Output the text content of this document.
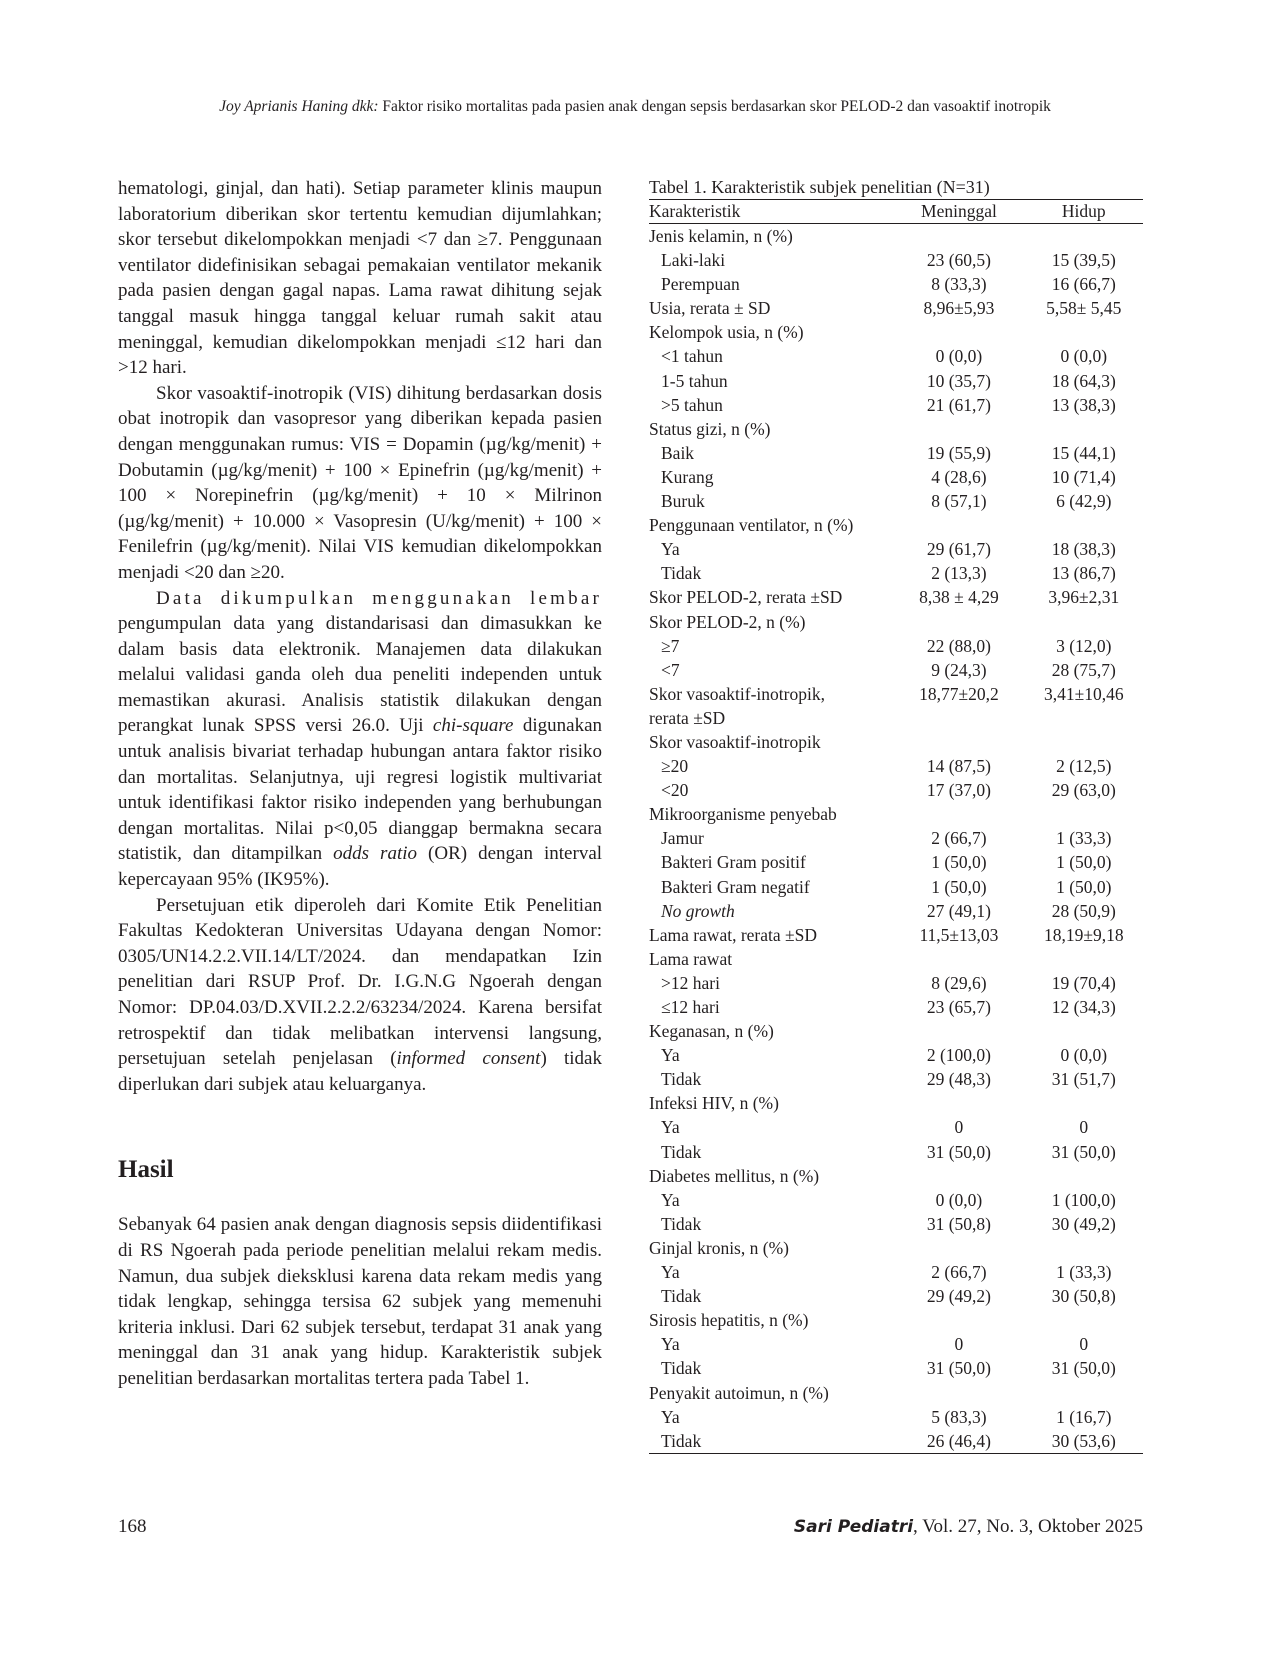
Joy Aprianis Haning dkk: Faktor risiko mortalitas pada pasien anak dengan sepsis berdasarkan skor PELOD-2 dan vasoaktif inotropik

hematologi, ginjal, dan hati). Setiap parameter klinis maupun laboratorium diberikan skor tertentu kemudian dijumlahkan; skor tersebut dikelompokkan menjadi <7 dan ≥7. Penggunaan ventilator didefinisikan sebagai pemakaian ventilator mekanik pada pasien dengan gagal napas. Lama rawat dihitung sejak tanggal masuk hingga tanggal keluar rumah sakit atau meninggal, kemudian dikelompokkan menjadi ≤12 hari dan >12 hari.

Skor vasoaktif-inotropik (VIS) dihitung berdasarkan dosis obat inotropik dan vasopresor yang diberikan kepada pasien dengan menggunakan rumus: VIS = Dopamin (µg/kg/menit) + Dobutamin (µg/kg/menit) + 100 × Epinefrin (µg/kg/menit) + 100 × Norepinefrin (µg/kg/menit) + 10 × Milrinon (µg/kg/menit) + 10.000 × Vasopresin (U/kg/menit) + 100 × Fenilefrin (µg/kg/menit). Nilai VIS kemudian dikelompokkan menjadi <20 dan ≥20.

Data dikumpulkan menggunakan lembar pengumpulan data yang distandarisasi dan dimasukkan ke dalam basis data elektronik. Manajemen data dilakukan melalui validasi ganda oleh dua peneliti independen untuk memastikan akurasi. Analisis statistik dilakukan dengan perangkat lunak SPSS versi 26.0. Uji chi-square digunakan untuk analisis bivariat terhadap hubungan antara faktor risiko dan mortalitas. Selanjutnya, uji regresi logistik multivariat untuk identifikasi faktor risiko independen yang berhubungan dengan mortalitas. Nilai p<0,05 dianggap bermakna secara statistik, dan ditampilkan odds ratio (OR) dengan interval kepercayaan 95% (IK95%).

Persetujuan etik diperoleh dari Komite Etik Penelitian Fakultas Kedokteran Universitas Udayana dengan Nomor: 0305/UN14.2.2.VII.14/LT/2024. dan mendapatkan Izin penelitian dari RSUP Prof. Dr. I.G.N.G Ngoerah dengan Nomor: DP.04.03/D.XVII.2.2.2/63234/2024. Karena bersifat retrospektif dan tidak melibatkan intervensi langsung, persetujuan setelah penjelasan (informed consent) tidak diperlukan dari subjek atau keluarganya.

Hasil

Sebanyak 64 pasien anak dengan diagnosis sepsis diidentifikasi di RS Ngoerah pada periode penelitian melalui rekam medis. Namun, dua subjek dieksklusi karena data rekam medis yang tidak lengkap, sehingga tersisa 62 subjek yang memenuhi kriteria inklusi. Dari 62 subjek tersebut, terdapat 31 anak yang meninggal dan 31 anak yang hidup. Karakteristik subjek penelitian berdasarkan mortalitas tertera pada Tabel 1.

Tabel 1. Karakteristik subjek penelitian (N=31)
Karakteristik	Meninggal	Hidup
Jenis kelamin, n (%)		
Laki-laki	23 (60,5)	15 (39,5)
Perempuan	8 (33,3)	16 (66,7)
Usia, rerata ± SD	8,96±5,93	5,58± 5,45
Kelompok usia, n (%)		
<1 tahun	0 (0,0)	0 (0,0)
1-5 tahun	10 (35,7)	18 (64,3)
>5 tahun	21 (61,7)	13 (38,3)
Status gizi, n (%)		
Baik	19 (55,9)	15 (44,1)
Kurang	4 (28,6)	10 (71,4)
Buruk	8 (57,1)	6 (42,9)
Penggunaan ventilator, n (%)		
Ya	29 (61,7)	18 (38,3)
Tidak	2 (13,3)	13 (86,7)
Skor PELOD-2, rerata ±SD	8,38 ± 4,29	3,96±2,31
Skor PELOD-2, n (%)		
≥7	22 (88,0)	3 (12,0)
<7	9 (24,3)	28 (75,7)
Skor vasoaktif-inotropik,	18,77±20,2	3,41±10,46
rerata ±SD		
Skor vasoaktif-inotropik		
≥20	14 (87,5)	2 (12,5)
<20	17 (37,0)	29 (63,0)
Mikroorganisme penyebab		
Jamur	2 (66,7)	1 (33,3)
Bakteri Gram positif	1 (50,0)	1 (50,0)
Bakteri Gram negatif	1 (50,0)	1 (50,0)
No growth	27 (49,1)	28 (50,9)
Lama rawat, rerata ±SD	11,5±13,03	18,19±9,18
Lama rawat		
>12 hari	8 (29,6)	19 (70,4)
≤12 hari	23 (65,7)	12 (34,3)
Keganasan, n (%)		
Ya	2 (100,0)	0 (0,0)
Tidak	29 (48,3)	31 (51,7)
Infeksi HIV, n (%)		
Ya	0	0
Tidak	31 (50,0)	31 (50,0)
Diabetes mellitus, n (%)		
Ya	0 (0,0)	1 (100,0)
Tidak	31 (50,8)	30 (49,2)
Ginjal kronis, n (%)		
Ya	2 (66,7)	1 (33,3)
Tidak	29 (49,2)	30 (50,8)
Sirosis hepatitis, n (%)		
Ya	0	0
Tidak	31 (50,0)	31 (50,0)
Penyakit autoimun, n (%)		
Ya	5 (83,3)	1 (16,7)
Tidak	26 (46,4)	30 (53,6)
168	Sari Pediatri, Vol. 27, No. 3, Oktober 2025
